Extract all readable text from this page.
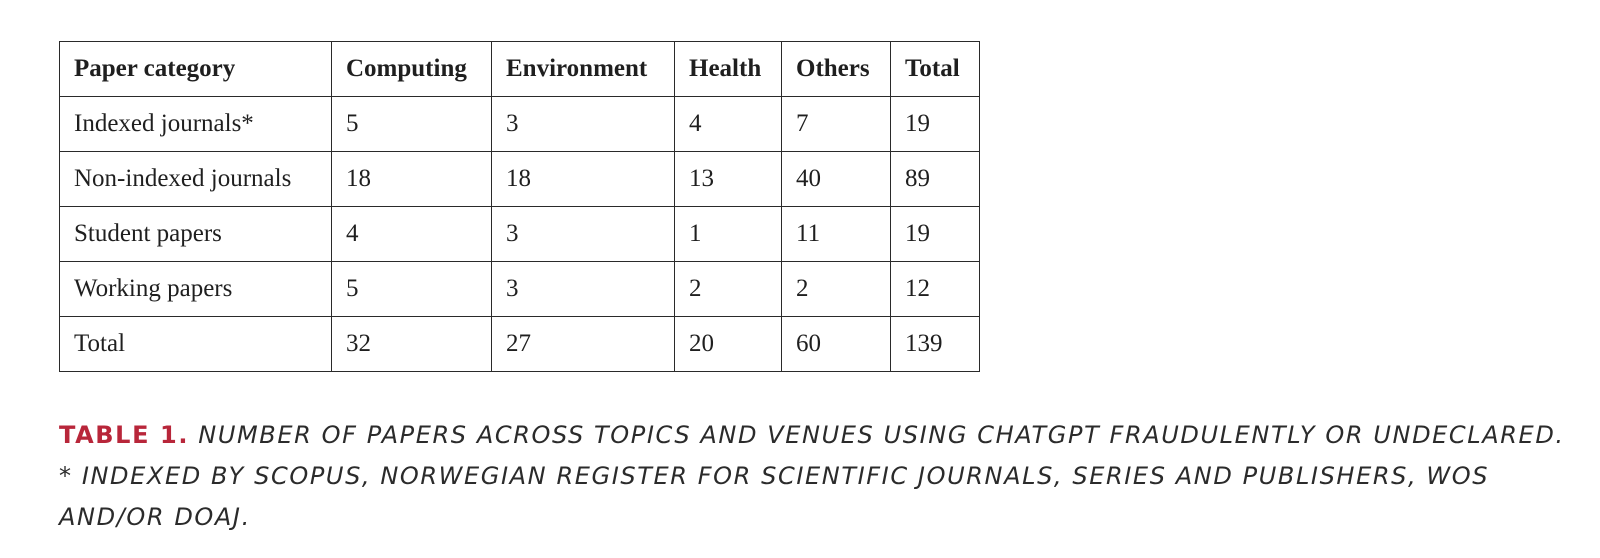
Paper category	Computing	Environment	Health	Others	Total
Indexed journals*	5	3	4	7	19
Non-indexed journals	18	18	13	40	89
Student papers	4	3	1	11	19
Working papers	5	3	2	2	12
Total	32	27	20	60	139
TABLE 1. NUMBER OF PAPERS ACROSS TOPICS AND VENUES USING CHATGPT FRAUDULENTLY OR UNDECLARED. * INDEXED BY SCOPUS, NORWEGIAN REGISTER FOR SCIENTIFIC JOURNALS, SERIES AND PUBLISHERS, WOS AND/OR DOAJ.
